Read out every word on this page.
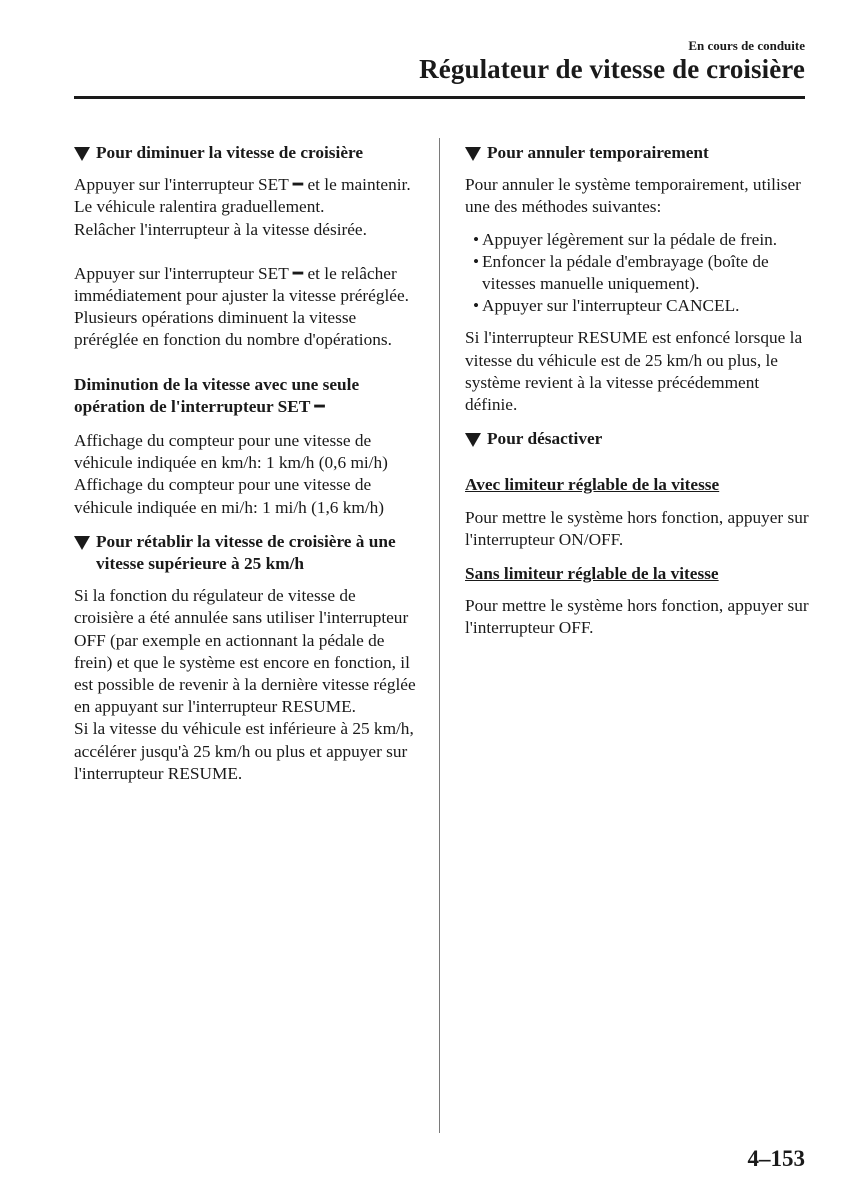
En cours de conduite
Régulateur de vitesse de croisière
Pour diminuer la vitesse de croisière

Appuyer sur l'interrupteur SET ━ et le maintenir. Le véhicule ralentira graduellement.

Relâcher l'interrupteur à la vitesse désirée.

Appuyer sur l'interrupteur SET ━ et le relâcher immédiatement pour ajuster la vitesse préréglée. Plusieurs opérations diminuent la vitesse préréglée en fonction du nombre d'opérations.

Diminution de la vitesse avec une seule opération de l'interrupteur SET ━

Affichage du compteur pour une vitesse de véhicule indiquée en km/h: 1 km/h (0,6 mi/h)

Affichage du compteur pour une vitesse de véhicule indiquée en mi/h: 1 mi/h (1,6 km/h)

Pour rétablir la vitesse de croisière à une vitesse supérieure à 25 km/h

Si la fonction du régulateur de vitesse de croisière a été annulée sans utiliser l'interrupteur OFF (par exemple en actionnant la pédale de frein) et que le système est encore en fonction, il est possible de revenir à la dernière vitesse réglée en appuyant sur l'interrupteur RESUME.

Si la vitesse du véhicule est inférieure à 25 km/h, accélérer jusqu'à 25 km/h ou plus et appuyer sur l'interrupteur RESUME.

Pour annuler temporairement

Pour annuler le système temporairement, utiliser une des méthodes suivantes:

• Appuyer légèrement sur la pédale de frein.
• Enfoncer la pédale d'embrayage (boîte de vitesses manuelle uniquement).
• Appuyer sur l'interrupteur CANCEL.

Si l'interrupteur RESUME est enfoncé lorsque la vitesse du véhicule est de 25 km/h ou plus, le système revient à la vitesse précédemment définie.

Pour désactiver

Avec limiteur réglable de la vitesse

Pour mettre le système hors fonction, appuyer sur l'interrupteur ON/OFF.

Sans limiteur réglable de la vitesse

Pour mettre le système hors fonction, appuyer sur l'interrupteur OFF.

4–153
